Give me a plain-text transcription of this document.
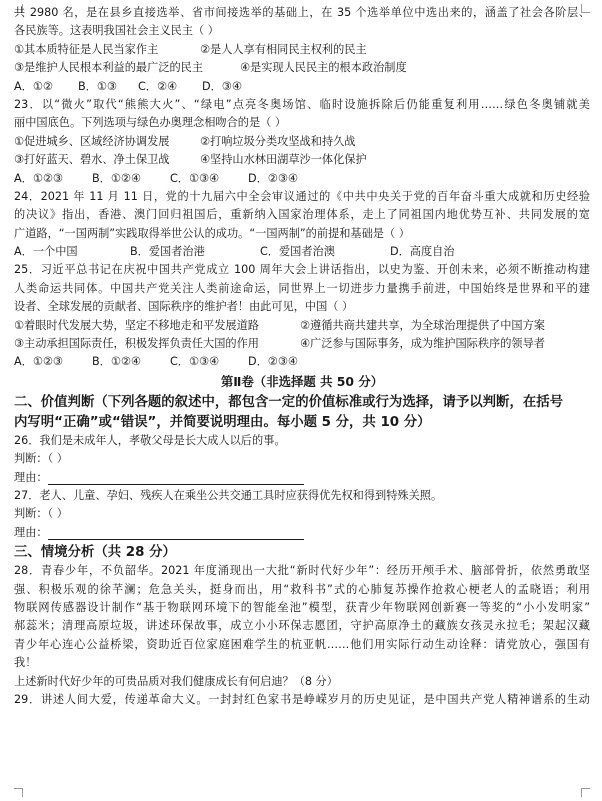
共 2980 名，是在县乡直接选举、省市间接选举的基础上，在 35 个选举单位中选出来的，涵盖了社会各阶层、
各民族等。这表明我国社会主义民主（ ）
①其本质特征是人民当家作主	②是人人享有相同民主权利的民主
③是维护人民根本利益的最广泛的民主	④是实现人民民主的根本政治制度
A．①②	B．①③	C．②④	D．③④
23．以“微火”取代“熊熊大火”、“绿电”点亮冬奥场馆、临时设施拆除后仍能重复利用……绿色冬奥铺就美
丽中国底色。下列选项与绿色办奥理念相吻合的是（ ）
①促进城乡、区域经济协调发展	②打响垃圾分类攻坚战和持久战
③打好蓝天、碧水、净土保卫战	④坚持山水林田湖草沙一体化保护
A．①②③	B．①②④	C．①③④	D．②③④
24．2021 年 11 月 11 日，党的十九届六中全会审议通过的《中共中央关于党的百年奋斗重大成就和历史经验
的决议》指出，香港、澳门回归祖国后，重新纳入国家治理体系，走上了同祖国内地优势互补、共同发展的宽
广道路，“一国两制”实践取得举世公认的成功。“一国两制”的前提和基础是（ ）
A．一个中国	B．爱国者治港	C．爱国者治澳	D．高度自治
25．习近平总书记在庆祝中国共产党成立 100 周年大会上讲话指出，以史为鉴、开创未来，必须不断推动构建
人类命运共同体。中国共产党关注人类前途命运，同世界上一切进步力量携手前进，中国始终是世界和平的建
设者、全球发展的贡献者、国际秩序的维护者！由此可见，中国（ ）
①着眼时代发展大势，坚定不移地走和平发展道路	②遵循共商共建共享，为全球治理提供了中国方案
③主动承担国际责任，积极发挥负责任大国的作用	④广泛参与国际事务，成为维护国际秩序的领导者
A．①②③	B．①②④	C．①③④	D．②③④
第Ⅱ卷（非选择题 共 50 分）
二、价值判断（下列各题的叙述中，都包含一定的价值标准或行为选择，请予以判断，在括号
内写明“正确”或“错误”，并简要说明理由。每小题 5 分，共 10 分）
26．我们是未成年人，孝敬父母是长大成人以后的事。
判断：（ ）
理由：
27．老人、儿童、孕妇、残疾人在乘坐公共交通工具时应获得优先权和得到特殊关照。
判断：（ ）
理由：
三、情境分析（共 28 分）
28．青春少年，不负韶华。2021 年度涌现出一大批“新时代好少年”：经历开颅手术、脑部骨折，依然勇敢坚
强、积极乐观的徐芊澜；危急关头，挺身而出，用“救科书”式的心肺复苏操作抢救心梗老人的孟晓语；利用
物联网传感器设计制作“基于物联网环境下的智能垒池”模型，获青少年物联网创新赛一等奖的“小小发明家”
郝蕊米；清理高原垃圾，讲述环保故事，成立小小环保志愿团，守护高原净土的藏族女孩灵永拉毛；架起汉藏
青少年心连心公益桥梁，资助近百位家庭困难学生的杭亚帆……他们用实际行动生动诠释：请党放心，强国有
我！
上述新时代好少年的可贵品质对我们健康成长有何启迪？（8 分）
29．讲述人间大爱，传递革命大义。一封封红色家书是峥嵘岁月的历史见证，是中国共产党人精神谱系的生动
